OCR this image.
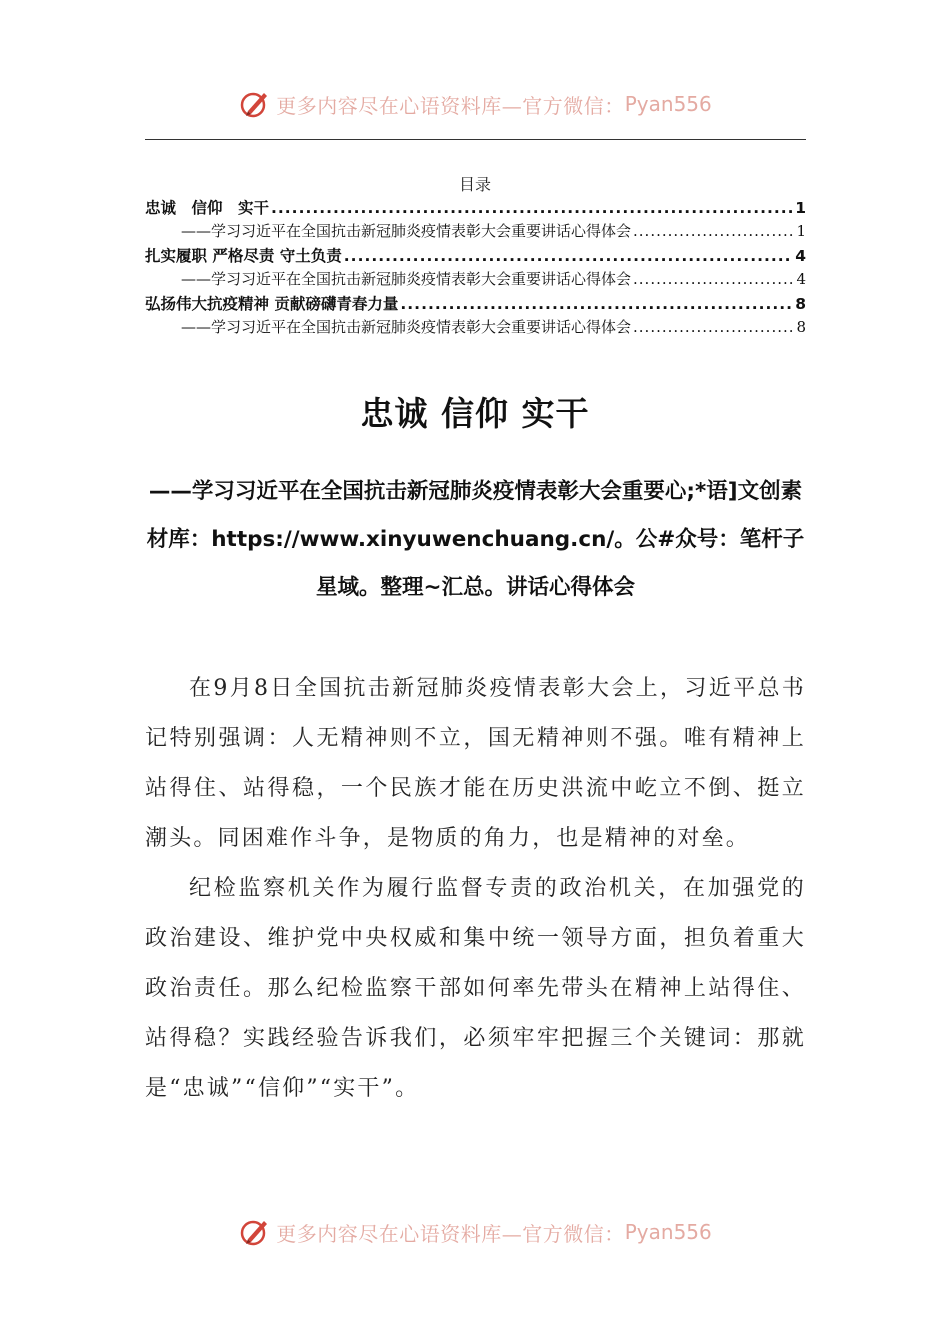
更多内容尽在心语资料库—官方微信： Pyan556
目录
忠诚　信仰　实干 .....	1
——学习习近平在全国抗击新冠肺炎疫情表彰大会重要讲话心得体会 .....	1
扎实履职 严格尽责 守土负责 .....	4
——学习习近平在全国抗击新冠肺炎疫情表彰大会重要讲话心得体会 .....	4
弘扬伟大抗疫精神 贡献磅礴青春力量 .....	8
——学习习近平在全国抗击新冠肺炎疫情表彰大会重要讲话心得体会 .....	8
忠诚 信仰 实干
——学习习近平在全国抗击新冠肺炎疫情表彰大会重要心;*语]文创素材库：https://www.xinyuwenchuang.cn/。公#众号：笔杆子星域。整理~汇总。讲话心得体会

在9月8日全国抗击新冠肺炎疫情表彰大会上，习近平总书记特别强调：人无精神则不立，国无精神则不强。唯有精神上站得住、站得稳，一个民族才能在历史洪流中屹立不倒、挺立潮头。同困难作斗争，是物质的角力，也是精神的对垒。

纪检监察机关作为履行监督专责的政治机关，在加强党的政治建设、维护党中央权威和集中统一领导方面，担负着重大政治责任。那么纪检监察干部如何率先带头在精神上站得住、站得稳？实践经验告诉我们，必须牢牢把握三个关键词：那就是“忠诚”“信仰”“实干”。

更多内容尽在心语资料库—官方微信： Pyan556
